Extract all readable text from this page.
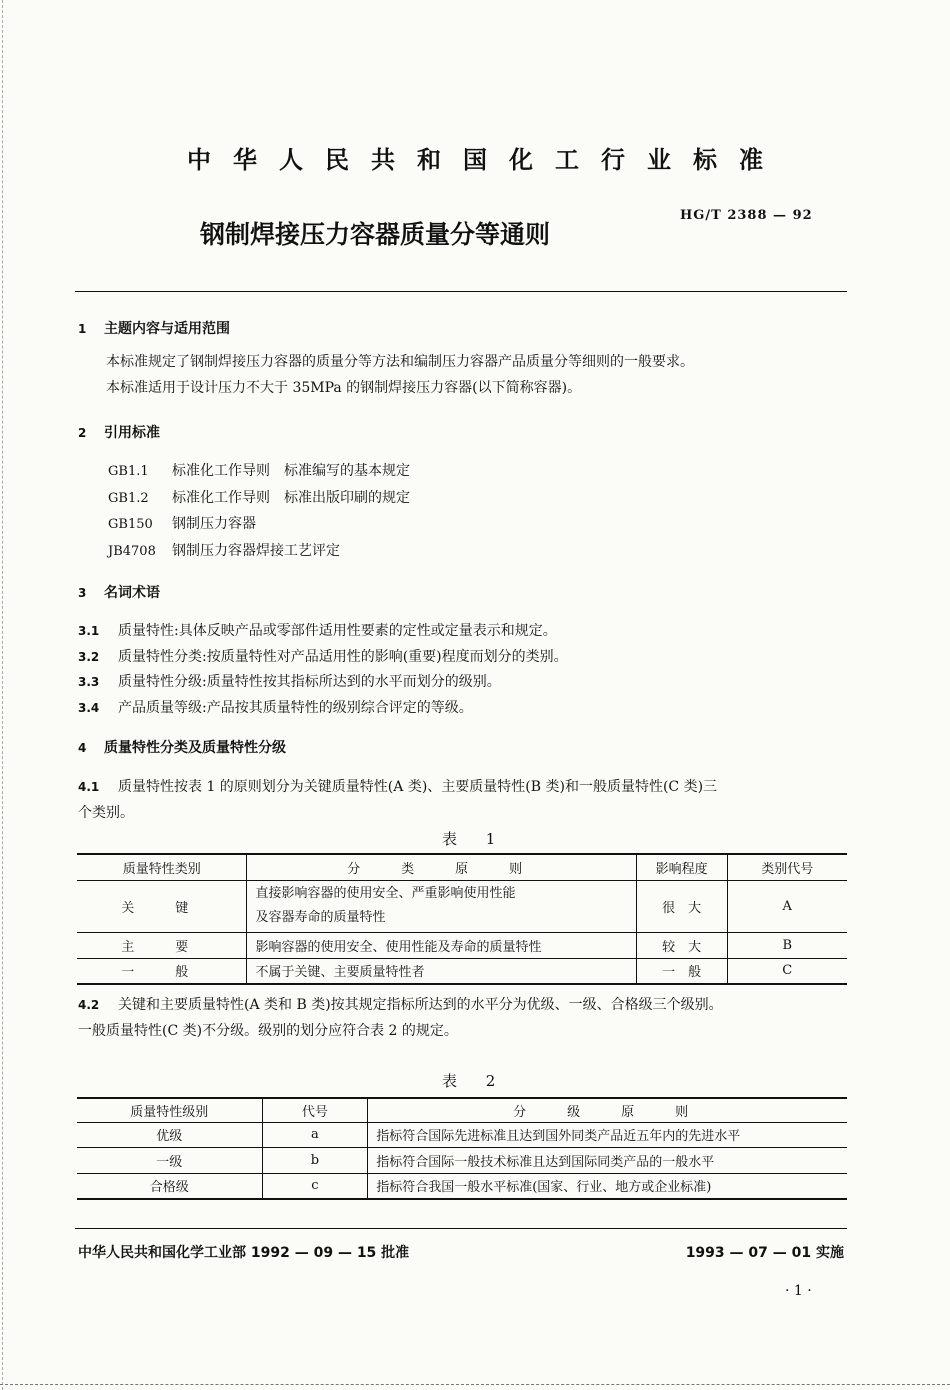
中华人民共和国化工行业标准
钢制焊接压力容器质量分等通则
HG/T 2388 — 92
1 主题内容与适用范围
本标准规定了钢制焊接压力容器的质量分等方法和编制压力容器产品质量分等细则的一般要求。
本标准适用于设计压力不大于 35MPa 的钢制焊接压力容器(以下简称容器)。
2 引用标准
GB1.1 标准化工作导则　标准编写的基本规定
GB1.2 标准化工作导则　标准出版印刷的规定
GB150 钢制压力容器
JB4708 钢制压力容器焊接工艺评定
3 名词术语
3.1 质量特性:具体反映产品或零部件适用性要素的定性或定量表示和规定。
3.2 质量特性分类:按质量特性对产品适用性的影响(重要)程度而划分的类别。
3.3 质量特性分级:质量特性按其指标所达到的水平而划分的级别。
3.4 产品质量等级:产品按其质量特性的级别综合评定的等级。
4 质量特性分类及质量特性分级
4.1 质量特性按表 1 的原则划分为关键质量特性(A 类)、主要质量特性(B 类)和一般质量特性(C 类)三
个类别。
表 1
质量特性类别	分　类　原　则	影响程度	类别代号
关　键	直接影响容器的使用安全、严重影响使用性能
及容器寿命的质量特性	很　大	A
主　要	影响容器的使用安全、使用性能及寿命的质量特性	较　大	B
一　般	不属于关键、主要质量特性者	一　般	C
4.2 关键和主要质量特性(A 类和 B 类)按其规定指标所达到的水平分为优级、一级、合格级三个级别。
一般质量特性(C 类)不分级。级别的划分应符合表 2 的规定。
表 2
质量特性级别	代号	分　级　原　则
优级	a	指标符合国际先进标准且达到国外同类产品近五年内的先进水平
一级	b	指标符合国际一般技术标准且达到国际同类产品的一般水平
合格级	c	指标符合我国一般水平标准(国家、行业、地方或企业标准)
中华人民共和国化学工业部 1992 — 09 — 15 批准	1993 — 07 — 01 实施
· 1 ·
